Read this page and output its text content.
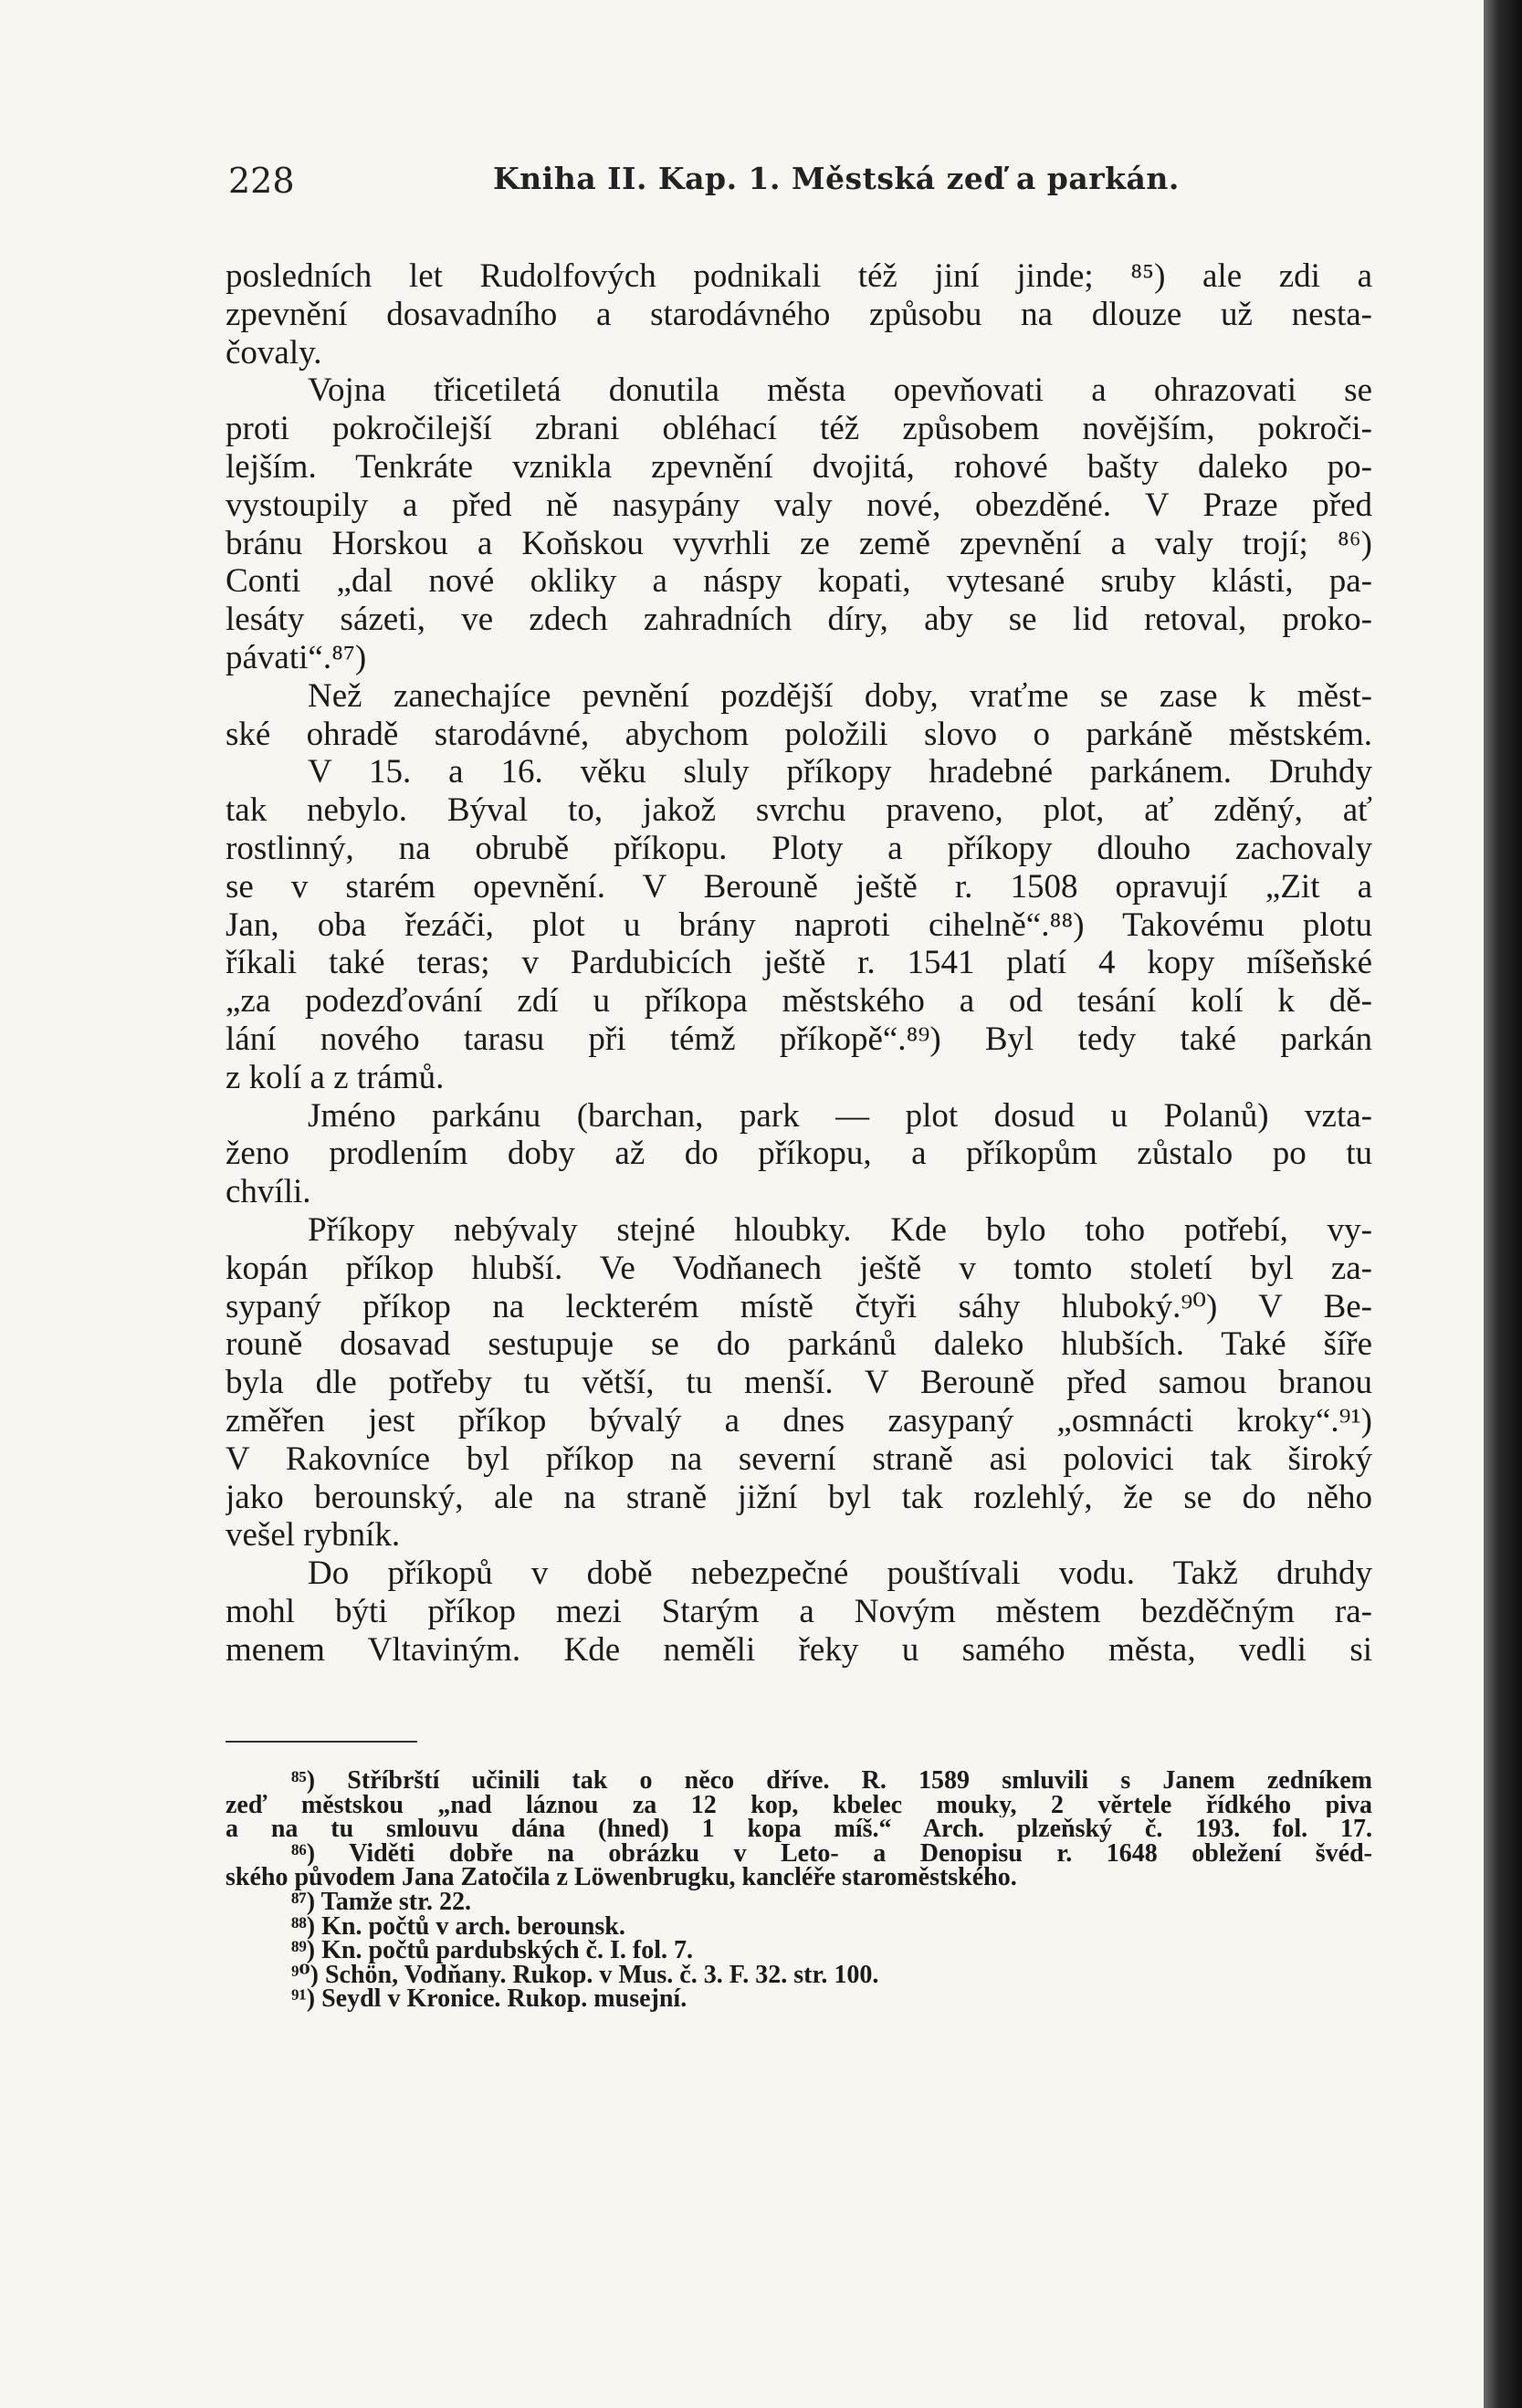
228	Kniha II. Kap. 1. Městská zeď a parkán.
posledních let Rudolfových podnikali též jiní jinde; ⁸⁵) ale zdi a
zpevnění dosavadního a starodávného způsobu na dlouze už nesta-
čovaly.
Vojna třicetiletá donutila města opevňovati a ohrazovati se
proti pokročilejší zbrani obléhací též způsobem novějším, pokroči-
lejším. Tenkráte vznikla zpevnění dvojitá, rohové bašty daleko po-
vystoupily a před ně nasypány valy nové, obezděné. V Praze před
bránu Horskou a Koňskou vyvrhli ze země zpevnění a valy trojí; ⁸⁶)
Conti „dal nové okliky a náspy kopati, vytesané sruby klásti, pa-
lesáty sázeti, ve zdech zahradních díry, aby se lid retoval, proko-
pávati“.⁸⁷)
Než zanechajíce pevnění pozdější doby, vraťme se zase k měst-
ské ohradě starodávné, abychom položili slovo o parkáně městském.
V 15. a 16. věku sluly příkopy hradebné parkánem. Druhdy
tak nebylo. Býval to, jakož svrchu praveno, plot, ať zděný, ať
rostlinný, na obrubě příkopu. Ploty a příkopy dlouho zachovaly
se v starém opevnění. V Berouně ještě r. 1508 opravují „Zit a
Jan, oba řezáči, plot u brány naproti cihelně“.⁸⁸) Takovému plotu
říkali také teras; v Pardubicích ještě r. 1541 platí 4 kopy míšeňské
„za podezďování zdí u příkopa městského a od tesání kolí k dě-
lání nového tarasu při témž příkopě“.⁸⁹) Byl tedy také parkán
z kolí a z trámů.
Jméno parkánu (barchan, park — plot dosud u Polanů) vzta-
ženo prodlením doby až do příkopu, a příkopům zůstalo po tu
chvíli.
Příkopy nebývaly stejné hloubky. Kde bylo toho potřebí, vy-
kopán příkop hlubší. Ve Vodňanech ještě v tomto století byl za-
sypaný příkop na leckterém místě čtyři sáhy hluboký.⁹⁰) V Be-
rouně dosavad sestupuje se do parkánů daleko hlubších. Také šíře
byla dle potřeby tu větší, tu menší. V Berouně před samou branou
změřen jest příkop bývalý a dnes zasypaný „osmnácti kroky“.⁹¹)
V Rakovníce byl příkop na severní straně asi polovici tak široký
jako berounský, ale na straně jižní byl tak rozlehlý, že se do něho
vešel rybník.
Do příkopů v době nebezpečné pouštívali vodu. Takž druhdy
mohl býti příkop mezi Starým a Novým městem bezděčným ra-
menem Vltaviným. Kde neměli řeky u samého města, vedli si
⁸⁵) Stříbrští učinili tak o něco dříve. R. 1589 smluvili s Janem zedníkem
zeď městskou „nad láznou za 12 kop, kbelec mouky, 2 věrtele řídkého piva
a na tu smlouvu dána (hned) 1 kopa míš.“ Arch. plzeňský č. 193. fol. 17.
⁸⁶) Viděti dobře na obrázku v Leto- a Denopisu r. 1648 obležení švéd-
ského původem Jana Zatočila z Löwenbrugku, kancléře staroměstského.
⁸⁷) Tamže str. 22.
⁸⁸) Kn. počtů v arch. berounsk.
⁸⁹) Kn. počtů pardubských č. I. fol. 7.
⁹⁰) Schön, Vodňany. Rukop. v Mus. č. 3. F. 32. str. 100.
⁹¹) Seydl v Kronice. Rukop. musejní.
